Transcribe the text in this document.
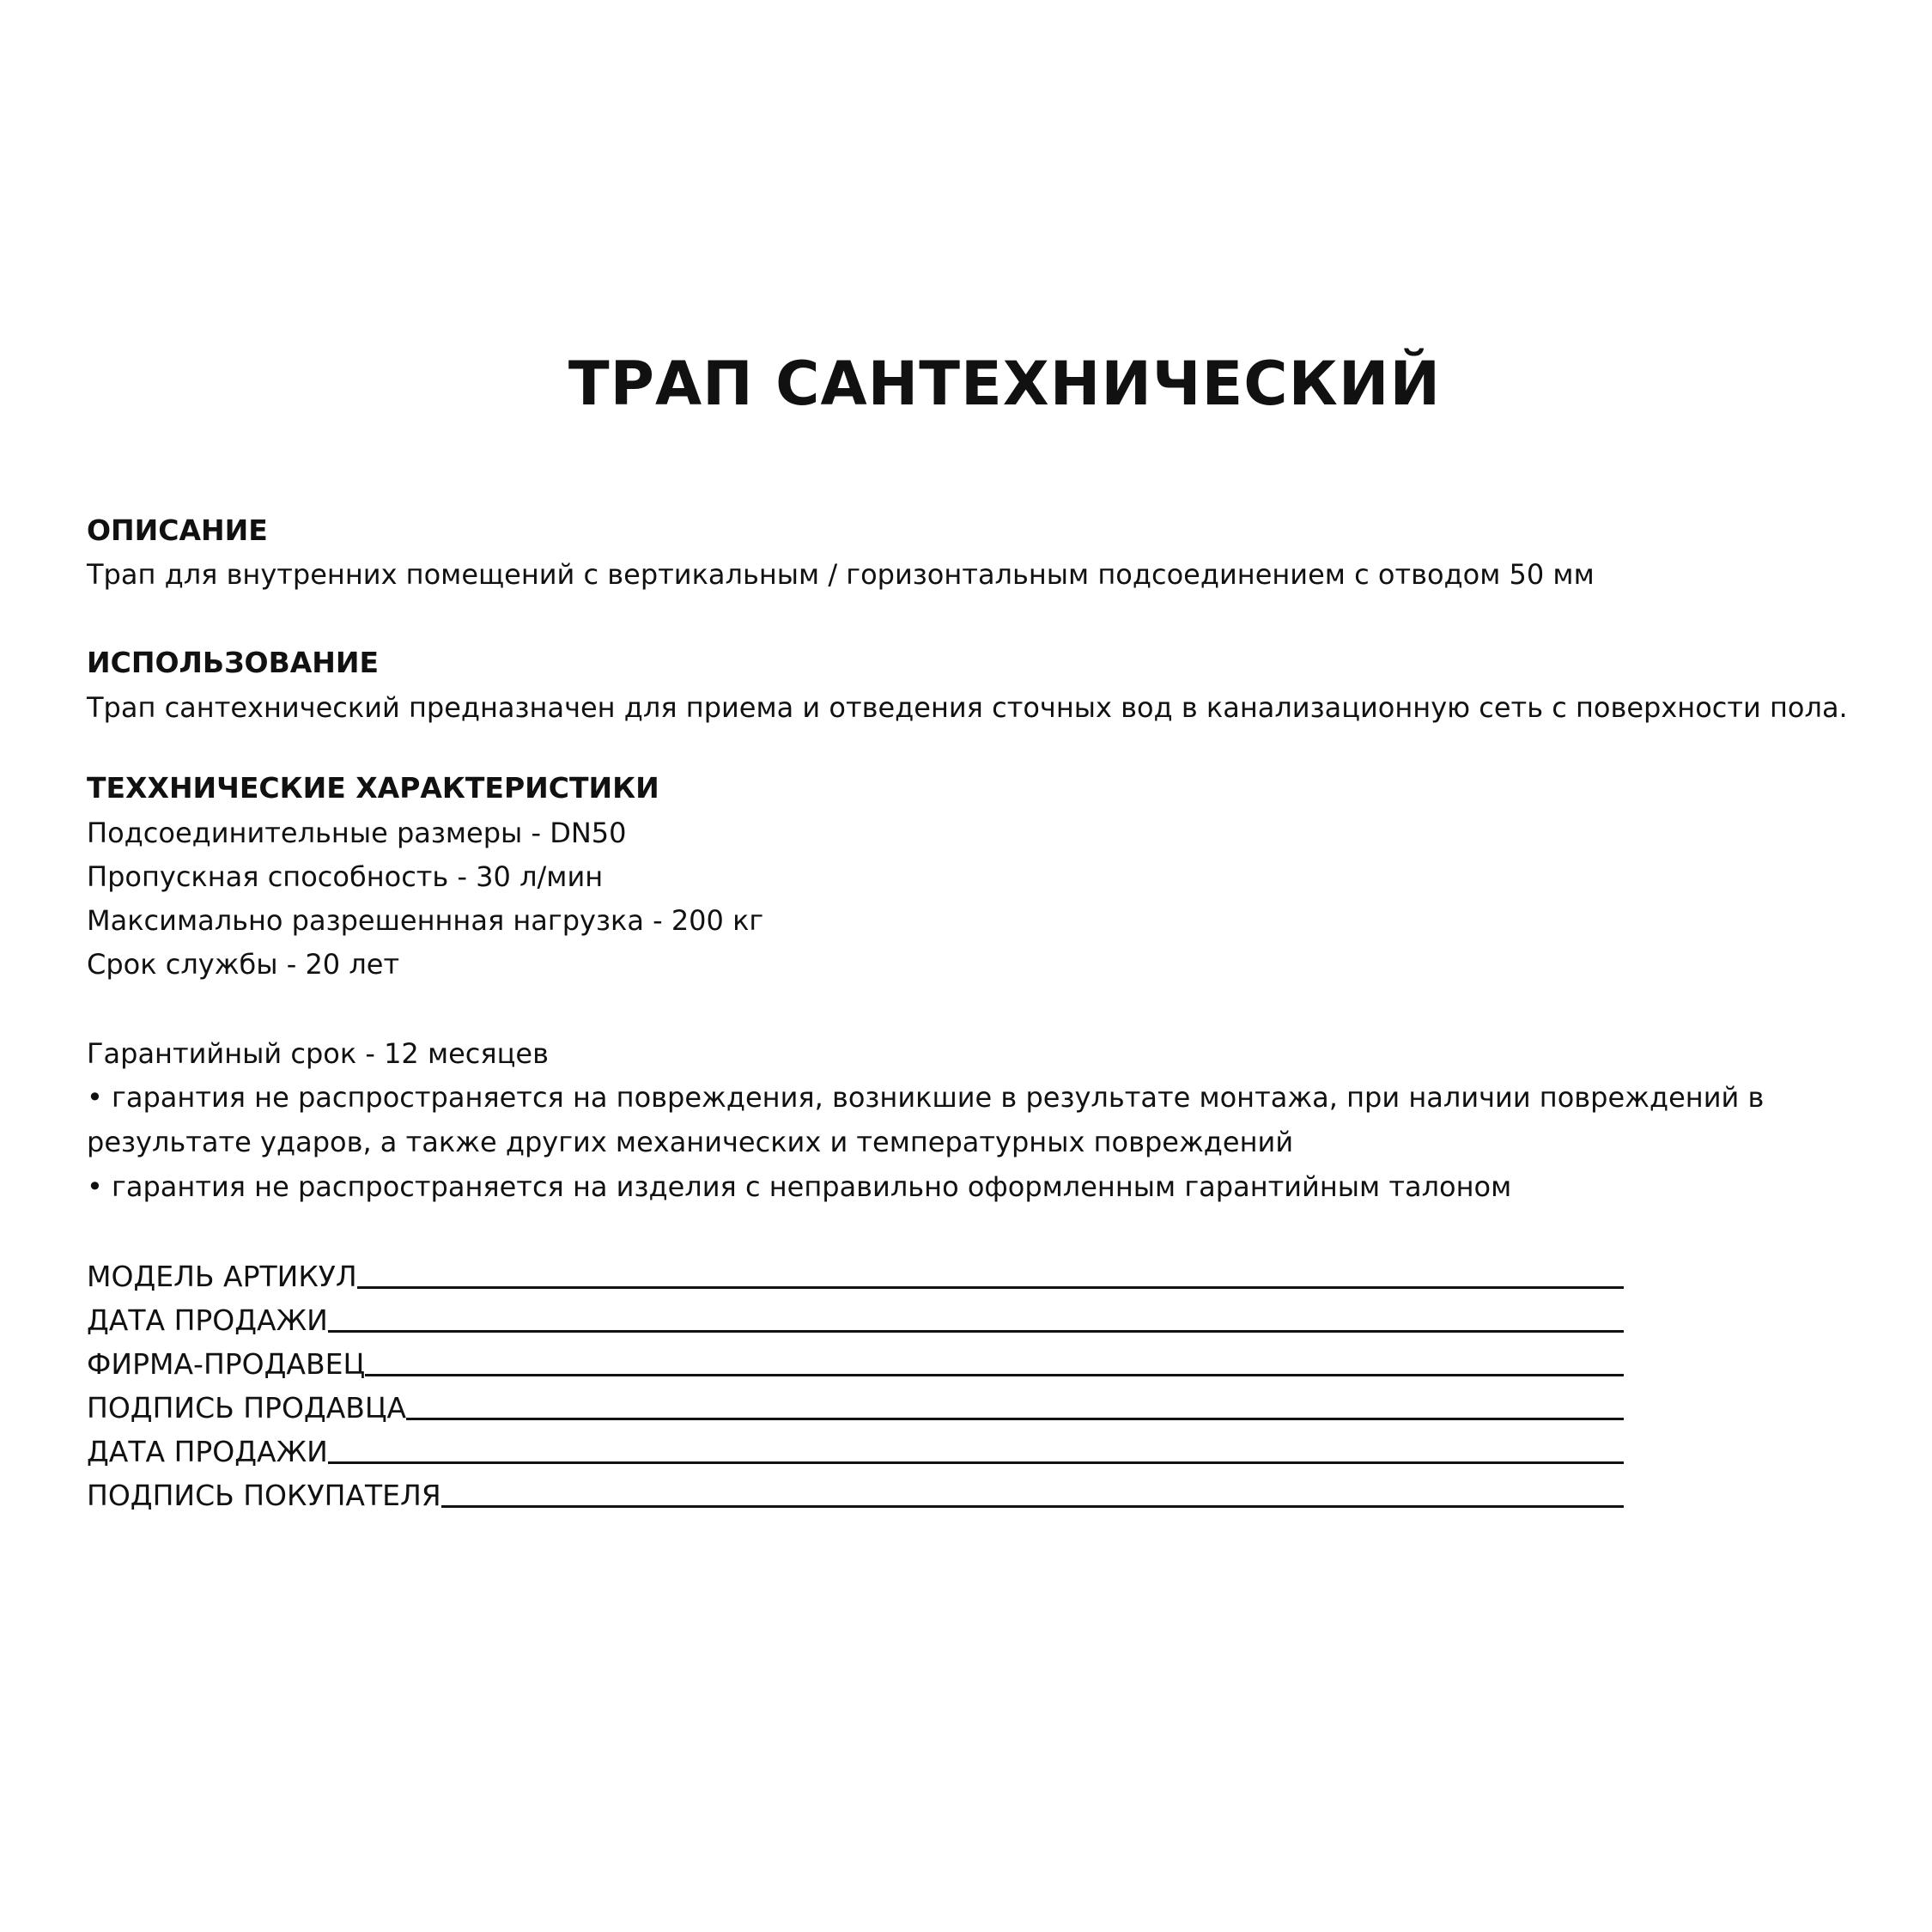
ТРАП САНТЕХНИЧЕСКИЙ

ОПИСАНИЕ

Трап для внутренних помещений с вертикальным / горизонтальным подсоединением с отводом 50 мм

ИСПОЛЬЗОВАНИЕ

Трап сантехнический предназначен для приема и отведения сточных вод в канализационную сеть с поверхности пола.

ТЕХХНИЧЕСКИЕ ХАРАКТЕРИСТИКИ

Подсоединительные размеры - DN50

Пропускная способность - 30 л/мин

Максимально разрешеннная нагрузка - 200 кг

Срок службы - 20 лет

Гарантийный срок - 12 месяцев

• гарантия не распространяется на повреждения, возникшие в результате монтажа, при наличии повреждений в результате ударов, а также других механических и температурных повреждений

• гарантия не распространяется на изделия с неправильно оформленным гарантийным талоном

МОДЕЛЬ АРТИКУЛ

ДАТА ПРОДАЖИ

ФИРМА-ПРОДАВЕЦ

ПОДПИСЬ ПРОДАВЦА

ДАТА ПРОДАЖИ

ПОДПИСЬ ПОКУПАТЕЛЯ
